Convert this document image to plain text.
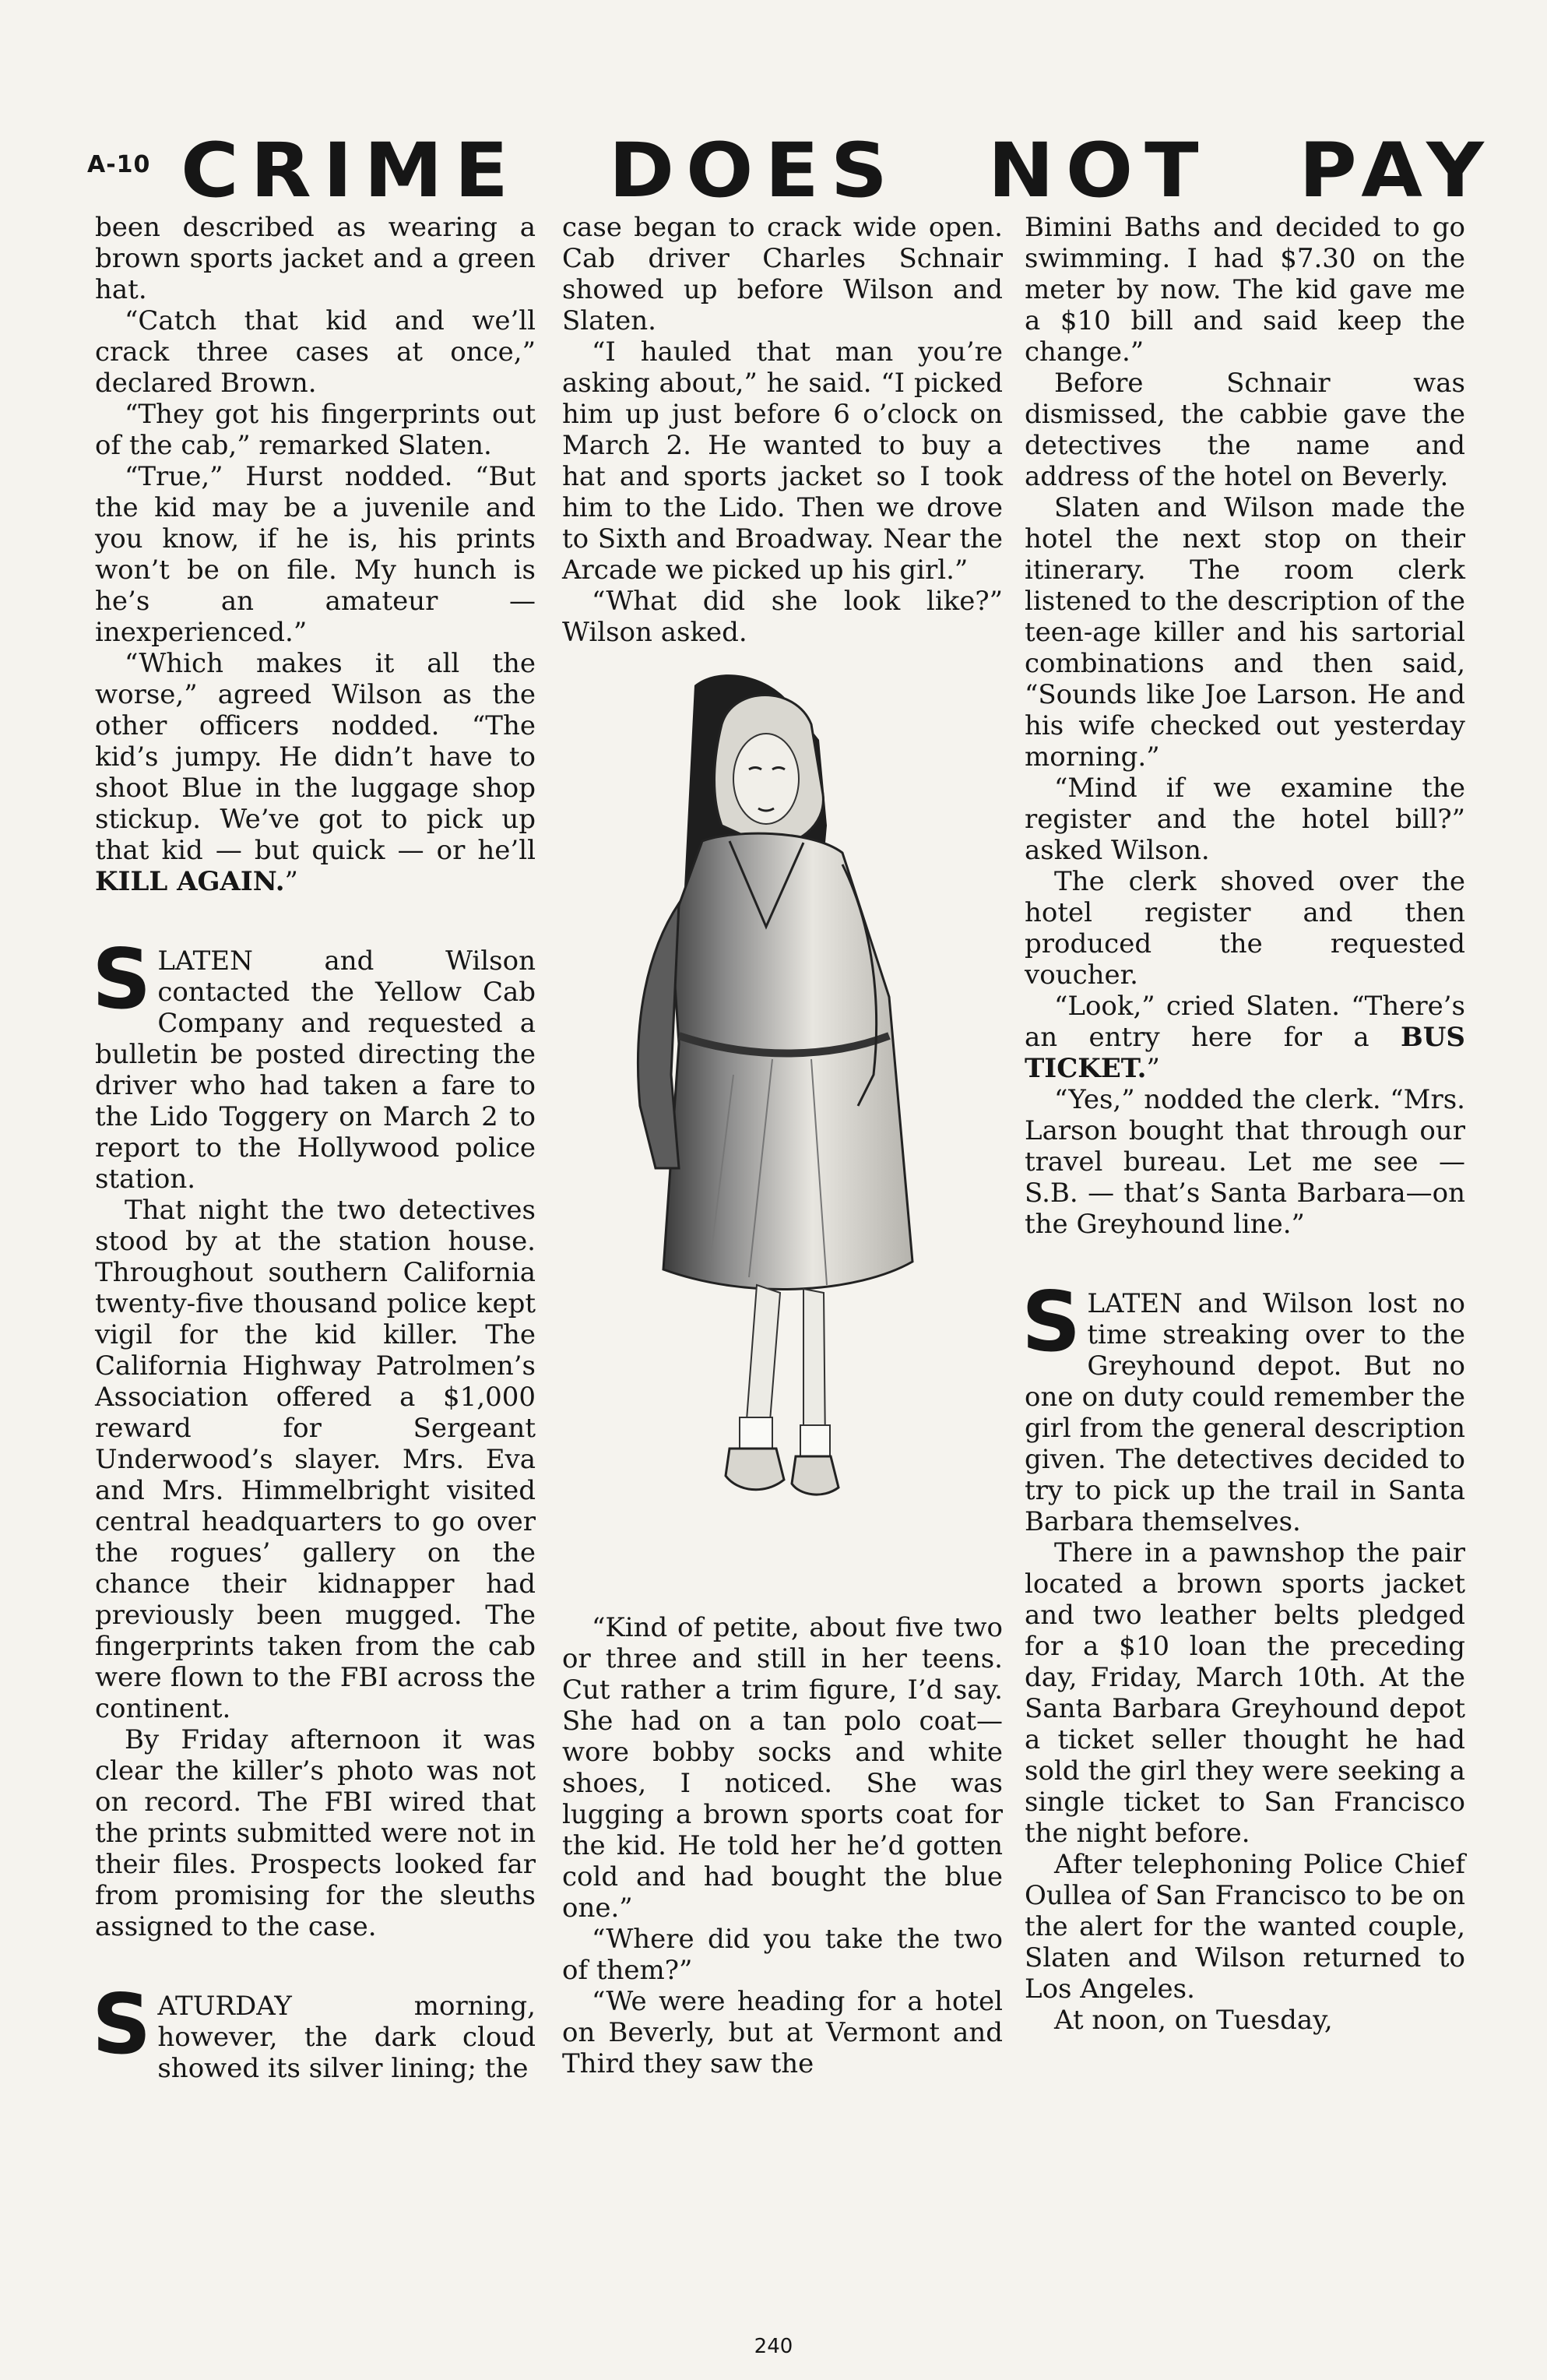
A-10 CRIME DOES NOT PAY

been described as wearing a brown sports jacket and a green hat.

“Catch that kid and we’ll crack three cases at once,” declared Brown.

“They got his fingerprints out of the cab,” remarked Slaten.

“True,” Hurst nodded. “But the kid may be a juvenile and you know, if he is, his prints won’t be on file. My hunch is he’s an amateur — inexperienced.”

“Which makes it all the worse,” agreed Wilson as the other officers nodded. “The kid’s jumpy. He didn’t have to shoot Blue in the luggage shop stickup. We’ve got to pick up that kid — but quick — or he’ll KILL AGAIN.”

SLATEN and Wilson contacted the Yellow Cab Company and requested a bulletin be posted directing the driver who had taken a fare to the Lido Toggery on March 2 to report to the Hollywood police station.

That night the two detectives stood by at the station house. Throughout southern California twenty-five thousand police kept vigil for the kid killer. The California Highway Patrolmen’s Association offered a $1,000 reward for Sergeant Underwood’s slayer. Mrs. Eva and Mrs. Himmelbright visited central headquarters to go over the rogues’ gallery on the chance their kidnapper had previously been mugged. The fingerprints taken from the cab were flown to the FBI across the continent.

By Friday afternoon it was clear the killer’s photo was not on record. The FBI wired that the prints submitted were not in their files. Prospects looked far from promising for the sleuths assigned to the case.

SATURDAY morning, however, the dark cloud showed its silver lining; the

case began to crack wide open. Cab driver Charles Schnair showed up before Wilson and Slaten.

“I hauled that man you’re asking about,” he said. “I picked him up just before 6 o’clock on March 2. He wanted to buy a hat and sports jacket so I took him to the Lido. Then we drove to Sixth and Broadway. Near the Arcade we picked up his girl.”

“What did she look like?” Wilson asked.

“Kind of petite, about five two or three and still in her teens. Cut rather a trim figure, I’d say. She had on a tan polo coat—wore bobby socks and white shoes, I noticed. She was lugging a brown sports coat for the kid. He told her he’d gotten cold and had bought the blue one.”

“Where did you take the two of them?”

“We were heading for a hotel on Beverly, but at Vermont and Third they saw the

Bimini Baths and decided to go swimming. I had $7.30 on the meter by now. The kid gave me a $10 bill and said keep the change.”

Before Schnair was dismissed, the cabbie gave the detectives the name and address of the hotel on Beverly.

Slaten and Wilson made the hotel the next stop on their itinerary. The room clerk listened to the description of the teen-age killer and his sartorial combinations and then said, “Sounds like Joe Larson. He and his wife checked out yesterday morning.”

“Mind if we examine the register and the hotel bill?” asked Wilson.

The clerk shoved over the hotel register and then produced the requested voucher.

“Look,” cried Slaten. “There’s an entry here for a BUS TICKET.”

“Yes,” nodded the clerk. “Mrs. Larson bought that through our travel bureau. Let me see — S.B. — that’s Santa Barbara—on the Greyhound line.”

SLATEN and Wilson lost no time streaking over to the Greyhound depot. But no one on duty could remember the girl from the general description given. The detectives decided to try to pick up the trail in Santa Barbara themselves.

There in a pawnshop the pair located a brown sports jacket and two leather belts pledged for a $10 loan the preceding day, Friday, March 10th. At the Santa Barbara Greyhound depot a ticket seller thought he had sold the girl they were seeking a single ticket to San Francisco the night before.

After telephoning Police Chief Oullea of San Francisco to be on the alert for the wanted couple, Slaten and Wilson returned to Los Angeles.

At noon, on Tuesday,

240
